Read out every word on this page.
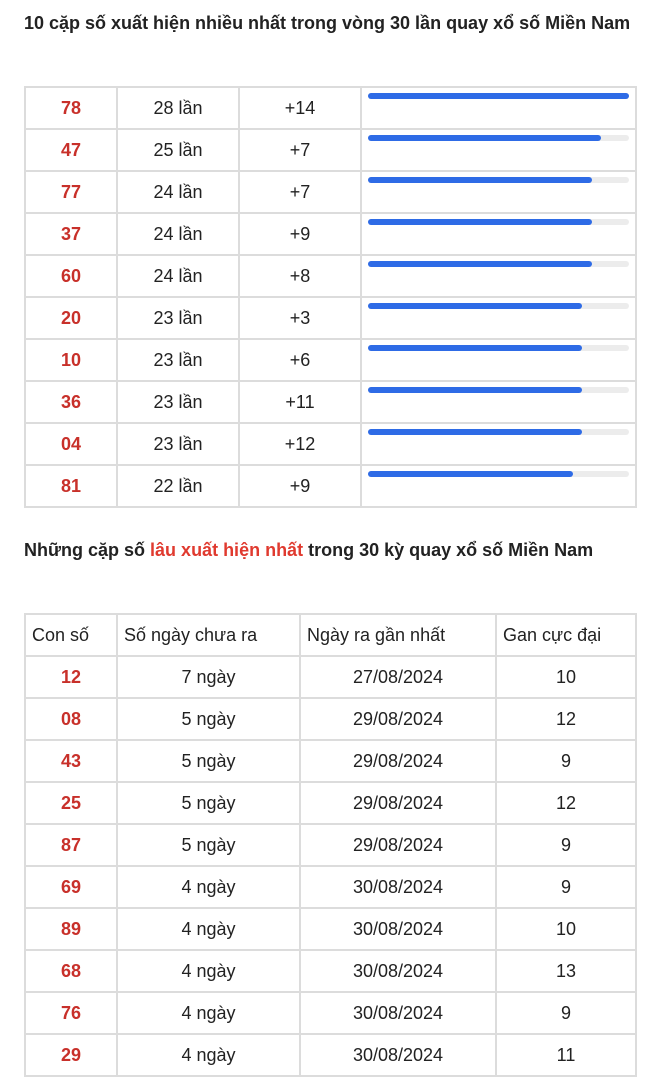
10 cặp số xuất hiện nhiều nhất trong vòng 30 lần quay xổ số Miền Nam
78	28 lần	+14	

47	25 lần	+7	

77	24 lần	+7	

37	24 lần	+9	

60	24 lần	+8	

20	23 lần	+3	

10	23 lần	+6	

36	23 lần	+11	

04	23 lần	+12	

81	22 lần	+9	
Những cặp số lâu xuất hiện nhất trong 30 kỳ quay xổ số Miền Nam
Con số	Số ngày chưa ra	Ngày ra gần nhất	Gan cực đại
12	7 ngày	27/08/2024	10
08	5 ngày	29/08/2024	12
43	5 ngày	29/08/2024	9
25	5 ngày	29/08/2024	12
87	5 ngày	29/08/2024	9
69	4 ngày	30/08/2024	9
89	4 ngày	30/08/2024	10
68	4 ngày	30/08/2024	13
76	4 ngày	30/08/2024	9
29	4 ngày	30/08/2024	11
